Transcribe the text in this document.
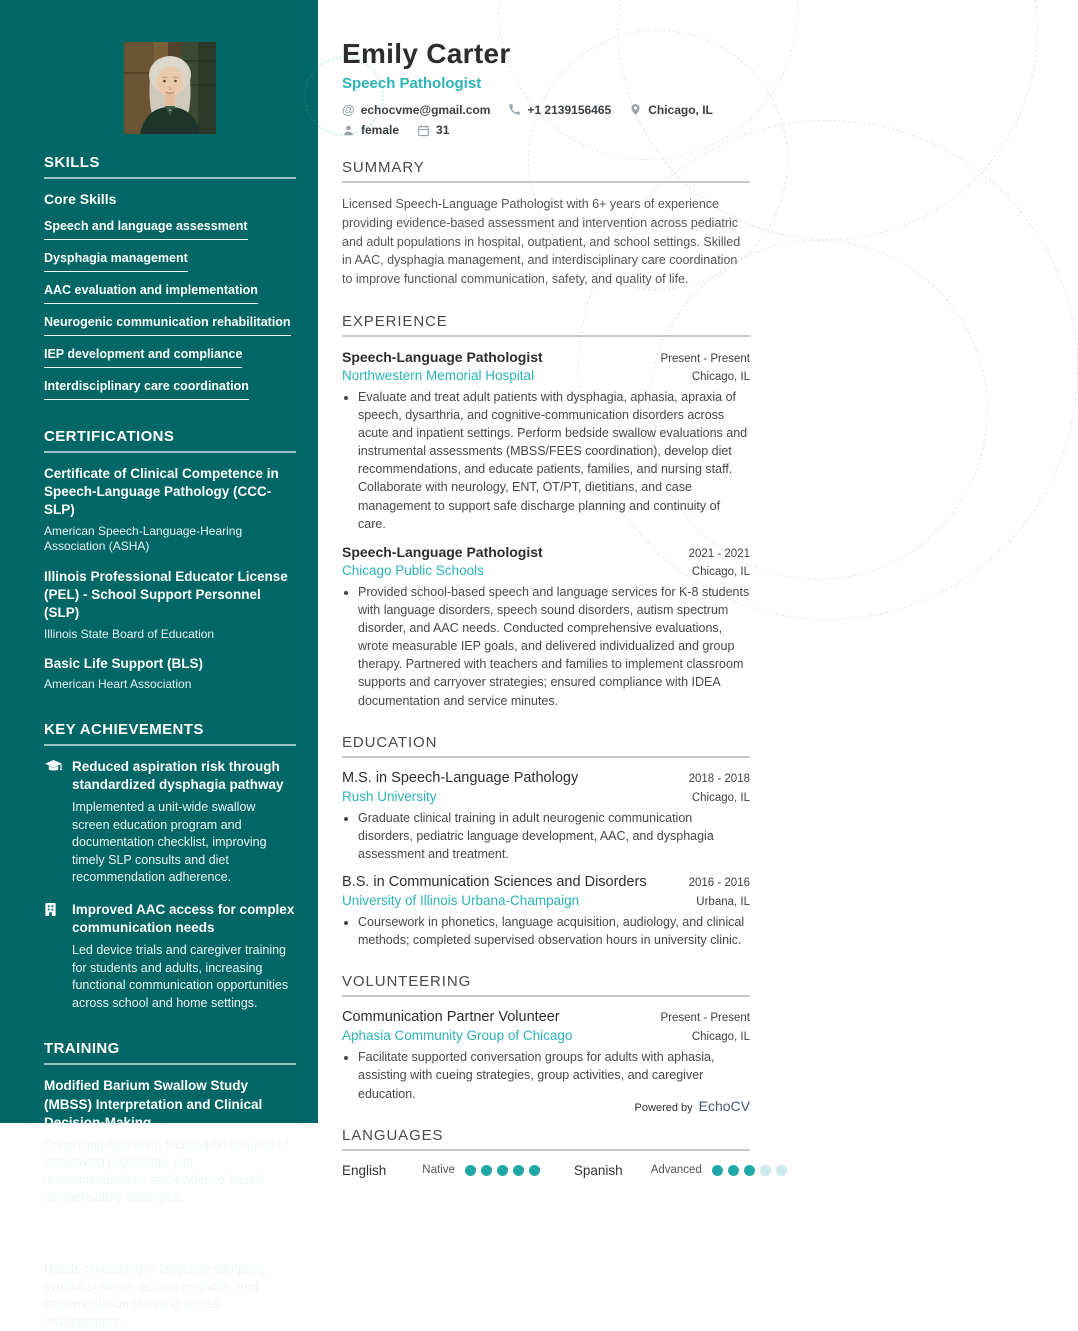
SKILLS
Core Skills
Speech and language assessment
Dysphagia management
AAC evaluation and implementation
Neurogenic communication rehabilitation
IEP development and compliance
Interdisciplinary care coordination
CERTIFICATIONS
Certificate of Clinical Competence in Speech-Language Pathology (CCC-SLP)
American Speech-Language-Hearing Association (ASHA)
Illinois Professional Educator License (PEL) - School Support Personnel (SLP)
Illinois State Board of Education
Basic Life Support (BLS)
American Heart Association
KEY ACHIEVEMENTS
Reduced aspiration risk through standardized dysphagia pathway
Implemented a unit-wide swallow screen education program and documentation checklist, improving timely SLP consults and diet recommendation adherence.
Improved AAC access for complex communication needs
Led device trials and caregiver training for students and adults, increasing functional communication opportunities across school and home settings.
TRAINING
Modified Barium Swallow Study (MBSS) Interpretation and Clinical Decision-Making
Continuing education focused on analysis of swallowing physiology, diet recommendations, and evidence-based compensatory strategies.
AAC Assessment and Feature Matching
Hands-on training in language sampling, symbol systems, access methods, and implementation planning across environments.
Emily Carter
Speech Pathologist
@ echocvme@gmail.com	+1 2139156465	Chicago, IL
female	31
SUMMARY

Licensed Speech-Language Pathologist with 6+ years of experience providing evidence-based assessment and intervention across pediatric and adult populations in hospital, outpatient, and school settings. Skilled in AAC, dysphagia management, and interdisciplinary care coordination to improve functional communication, safety, and quality of life.

EXPERIENCE
Speech-Language Pathologist	Present - Present
Northwestern Memorial Hospital	Chicago, IL
• Evaluate and treat adult patients with dysphagia, aphasia, apraxia of speech, dysarthria, and cognitive-communication disorders across acute and inpatient settings. Perform bedside swallow evaluations and instrumental assessments (MBSS/FEES coordination), develop diet recommendations, and educate patients, families, and nursing staff. Collaborate with neurology, ENT, OT/PT, dietitians, and case management to support safe discharge planning and continuity of care.
Speech-Language Pathologist	2021 - 2021
Chicago Public Schools	Chicago, IL
• Provided school-based speech and language services for K-8 students with language disorders, speech sound disorders, autism spectrum disorder, and AAC needs. Conducted comprehensive evaluations, wrote measurable IEP goals, and delivered individualized and group therapy. Partnered with teachers and families to implement classroom supports and carryover strategies; ensured compliance with IDEA documentation and service minutes.
EDUCATION
M.S. in Speech-Language Pathology	2018 - 2018
Rush University	Chicago, IL
• Graduate clinical training in adult neurogenic communication disorders, pediatric language development, AAC, and dysphagia assessment and treatment.
B.S. in Communication Sciences and Disorders	2016 - 2016
University of Illinois Urbana-Champaign	Urbana, IL
• Coursework in phonetics, language acquisition, audiology, and clinical methods; completed supervised observation hours in university clinic.
VOLUNTEERING
Communication Partner Volunteer	Present - Present
Aphasia Community Group of Chicago	Chicago, IL
• Facilitate supported conversation groups for adults with aphasia, assisting with cueing strategies, group activities, and caregiver education.
LANGUAGES
English	Native	Spanish Advanced
Powered by EchoCV
